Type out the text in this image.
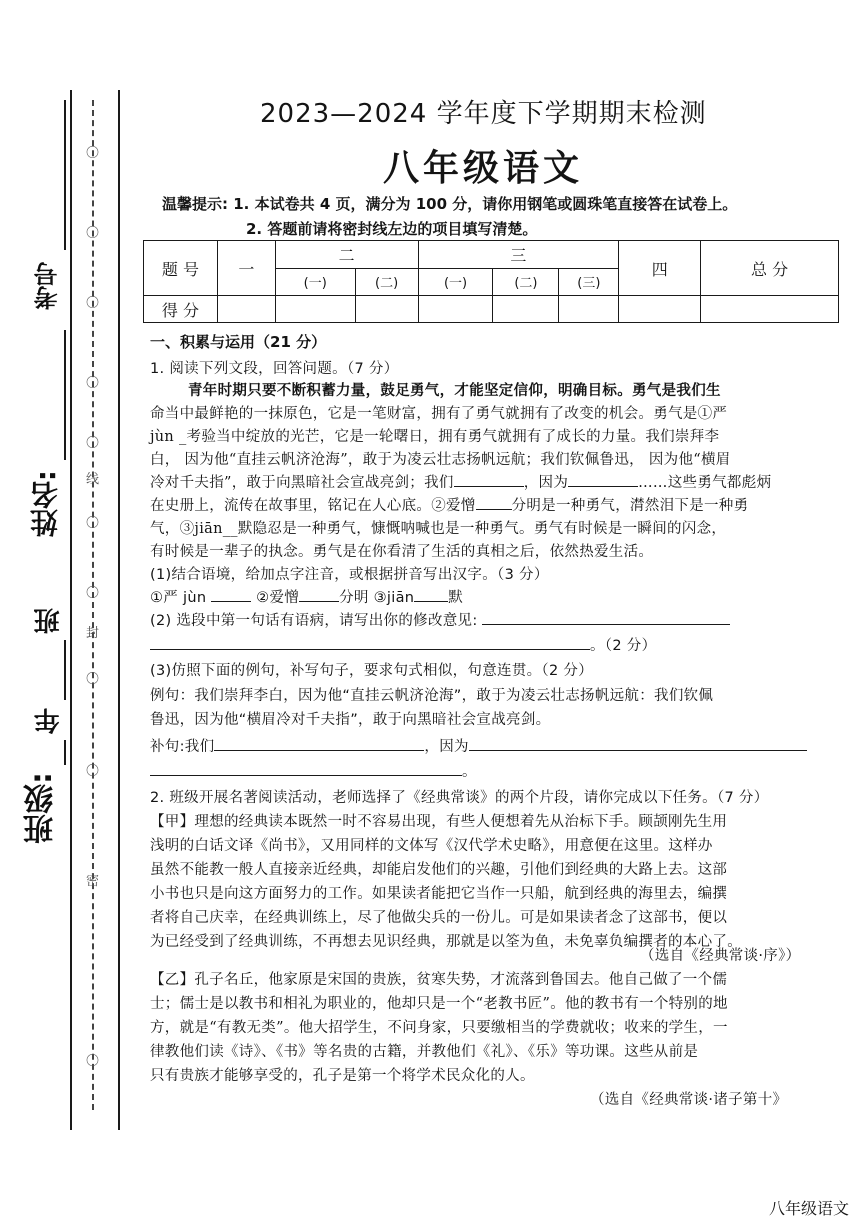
〇
〇
〇
〇
〇
线
〇
〇
封
〇
〇
密
〇
考号
姓名:
班
年
班级:
2023—2024 学年度下学期期末检测
八年级语文
温馨提示: 1. 本试卷共 4 页，满分为 100 分，请你用钢笔或圆珠笔直接答在试卷上。
2. 答题前请将密封线左边的项目填写清楚。
题 号	一	二		三			四	总 分
		(一)	(二)	(一)	(二)	(三)		
得 分								
一、积累与运用（21 分）
1. 阅读下列文段，回答问题。（7 分）
青年时期只要不断积蓄力量，鼓足勇气，才能坚定信仰，明确目标。勇气是我们生
命当中最鲜艳的一抹原色，它是一笔财富，拥有了勇气就拥有了改变的机会。勇气是①严
jùn _考验当中绽放的光芒，它是一轮曙日，拥有勇气就拥有了成长的力量。我们崇拜李
白， 因为他“直挂云帆济沧海”，敢于为凌云壮志扬帆远航；我们钦佩鲁迅， 因为他“横眉
冷对千夫指”，敢于向黑暗社会宣战亮剑；我们	，因为	……这些勇气都彪炳
在史册上，流传在故事里，铭记在人心底。②爱憎 分明是一种勇气，潸然泪下是一种勇
气，③jiān__默隐忍是一种勇气，慷慨呐喊也是一种勇气。勇气有时候是一瞬间的闪念，
有时候是一辈子的执念。勇气是在你看清了生活的真相之后，依然热爱生活。
(1)结合语境，给加点字注音，或根据拼音写出汉字。（3 分）
①严 jùn	②爱憎	分明 ③jiān 默
(2) 选段中第一句话有语病，请写出你的修改意见:
。（2 分）
(3)仿照下面的例句，补写句子，要求句式相似，句意连贯。（2 分）
例句：我们崇拜李白，因为他“直挂云帆济沧海”，敢于为凌云壮志扬帆远航：我们钦佩
鲁迅，因为他“横眉冷对千夫指”，敢于向黑暗社会宣战亮剑。
补句:我们	，因为
。
2. 班级开展名著阅读活动，老师选择了《经典常谈》的两个片段，请你完成以下任务。（7 分）
【甲】理想的经典读本既然一时不容易出现，有些人便想着先从治标下手。顾颉刚先生用
浅明的白话文译《尚书》，又用同样的文体写《汉代学术史略》，用意便在这里。这样办
虽然不能教一般人直接亲近经典，却能启发他们的兴趣，引他们到经典的大路上去。这部
小书也只是向这方面努力的工作。如果读者能把它当作一只船，航到经典的海里去，编撰
者将自己庆幸，在经典训练上，尽了他做尖兵的一份儿。可是如果读者念了这部书，便以
为已经受到了经典训练，不再想去见识经典，那就是以筌为鱼，未免辜负编撰者的本心了。
（选自《经典常谈·序》）
【乙】孔子名丘，他家原是宋国的贵族，贫寒失势，才流落到鲁国去。他自己做了一个儒
士；儒士是以教书和相礼为职业的，他却只是一个“老教书匠”。他的教书有一个特别的地
方，就是“有教无类”。他大招学生，不问身家，只要缴相当的学费就收；收来的学生，一
律教他们读《诗》、《书》等名贵的古籍，并教他们《礼》、《乐》等功课。这些从前是
只有贵族才能够享受的，孔子是第一个将学术民众化的人。
（选自《经典常谈·诸子第十》
八年级语文
